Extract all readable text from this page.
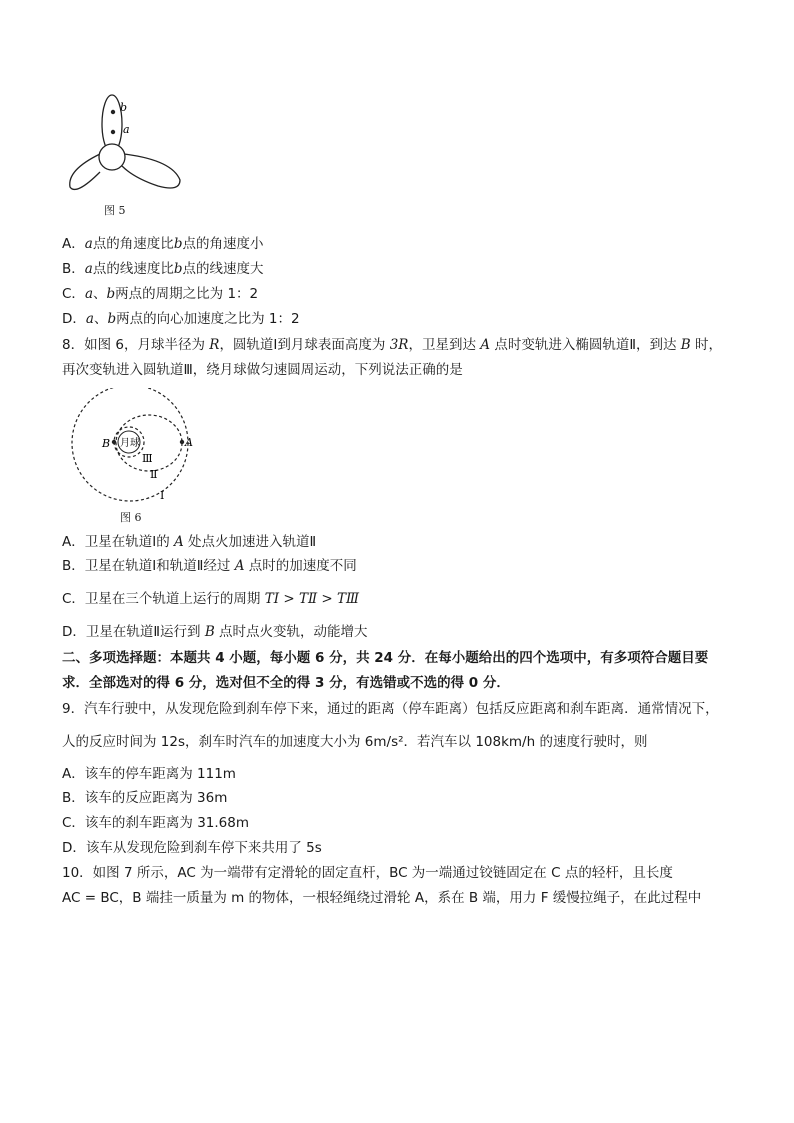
b
a
图 5
A．a点的角速度比b点的角速度小
B．a点的线速度比b点的线速度大
C．a、b两点的周期之比为 1：2
D．a、b两点的向心加速度之比为 1：2
8．如图 6，月球半径为 R，圆轨道Ⅰ到月球表面高度为 3R，卫星到达 A 点时变轨进入椭圆轨道Ⅱ，到达 B 时，
再次变轨进入圆轨道Ⅲ，绕月球做匀速圆周运动，下列说法正确的是
月球
B	A
Ⅲ
Ⅱ
Ⅰ
图 6
A．卫星在轨道Ⅰ的 A 处点火加速进入轨道Ⅱ
B．卫星在轨道Ⅰ和轨道Ⅱ经过 A 点时的加速度不同
C．卫星在三个轨道上运行的周期 TⅠ > TⅡ > TⅢ
D．卫星在轨道Ⅱ运行到 B 点时点火变轨，动能增大
二、多项选择题：本题共 4 小题，每小题 6 分，共 24 分．在每小题给出的四个选项中，有多项符合题目要
求．全部选对的得 6 分，选对但不全的得 3 分，有选错或不选的得 0 分．
9．汽车行驶中，从发现危险到刹车停下来，通过的距离（停车距离）包括反应距离和刹车距离．通常情况下，
人的反应时间为 12s，刹车时汽车的加速度大小为 6m/s²．若汽车以 108km/h 的速度行驶时，则
A．该车的停车距离为 111m
B．该车的反应距离为 36m
C．该车的刹车距离为 31.68m
D．该车从发现危险到刹车停下来共用了 5s
10．如图 7 所示，AC 为一端带有定滑轮的固定直杆，BC 为一端通过铰链固定在 C 点的轻杆，且长度
AC = BC，B 端挂一质量为 m 的物体，一根轻绳绕过滑轮 A，系在 B 端，用力 F 缓慢拉绳子，在此过程中
